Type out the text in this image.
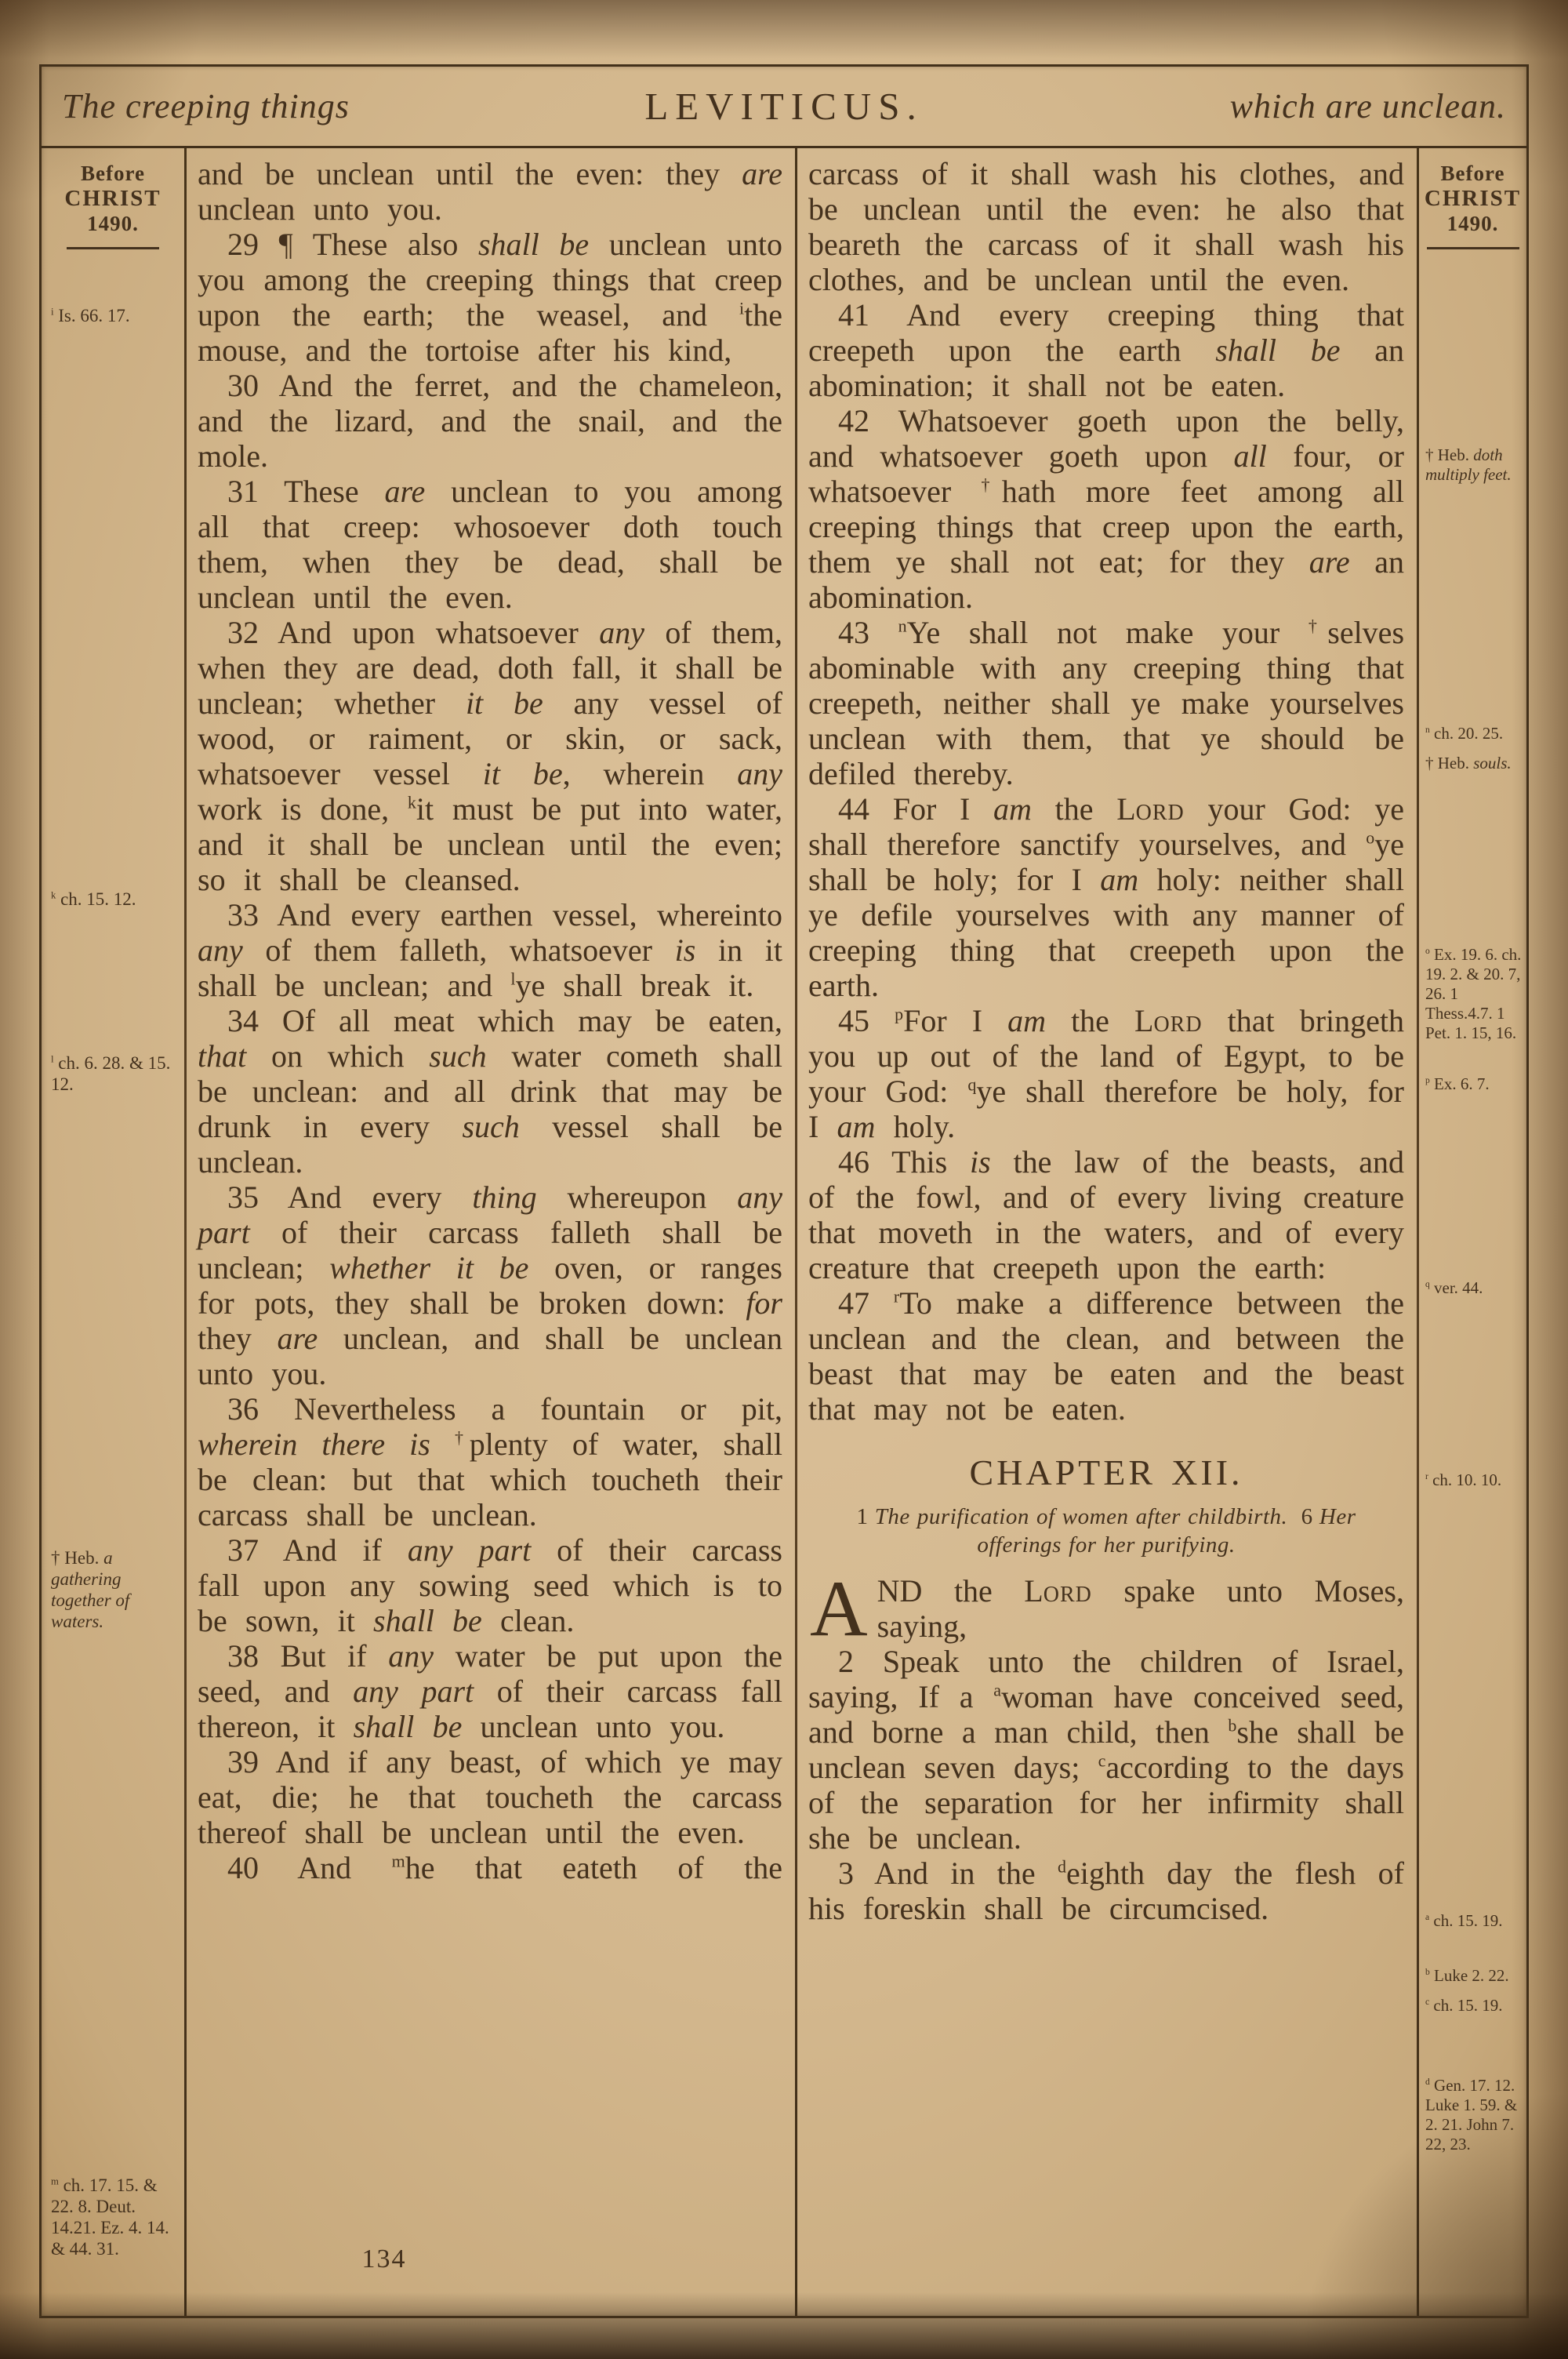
The creeping things	LEVITICUS.	which are unclean.
Before
CHRIST
1490.
$^i$ Is. 66. 17.
$^k$ ch. 15. 12.
$^l$ ch. 6. 28. & 15. 12.
† Heb. a gathering together of waters.
$^m$ ch. 17. 15. & 22. 8. Deut. 14.21. Ez. 4. 14. & 44. 31.

and be unclean until the even: they are unclean unto you.

29 ¶ These also shall be unclean unto you among the creeping things that creep upon the earth; the weasel, and $^i$the mouse, and the tortoise after his kind,

30 And the ferret, and the chameleon, and the lizard, and the snail, and the mole.

31 These are unclean to you among all that creep: whosoever doth touch them, when they be dead, shall be unclean until the even.

32 And upon whatsoever any of them, when they are dead, doth fall, it shall be unclean; whether it be any vessel of wood, or raiment, or skin, or sack, whatsoever vessel it be, wherein any work is done, $^k$it must be put into water, and it shall be unclean until the even; so it shall be cleansed.

33 And every earthen vessel, whereinto any of them falleth, whatsoever is in it shall be unclean; and $^l$ye shall break it.

34 Of all meat which may be eaten, that on which such water cometh shall be unclean: and all drink that may be drunk in every such vessel shall be unclean.

35 And every thing whereupon any part of their carcass falleth shall be unclean; whether it be oven, or ranges for pots, they shall be broken down: for they are unclean, and shall be unclean unto you.

36 Nevertheless a fountain or pit, wherein there is †plenty of water, shall be clean: but that which toucheth their carcass shall be unclean.

37 And if any part of their carcass fall upon any sowing seed which is to be sown, it shall be clean.

38 But if any water be put upon the seed, and any part of their carcass fall thereon, it shall be unclean unto you.

39 And if any beast, of which ye may eat, die; he that toucheth the carcass thereof shall be unclean until the even.

40 And $^m$he that eateth of the

carcass of it shall wash his clothes, and be unclean until the even: he also that beareth the carcass of it shall wash his clothes, and be unclean until the even.

41 And every creeping thing that creepeth upon the earth shall be an abomination; it shall not be eaten.

42 Whatsoever goeth upon the belly, and whatsoever goeth upon all four, or whatsoever †hath more feet among all creeping things that creep upon the earth, them ye shall not eat; for they are an abomination.

43 $^n$Ye shall not make your †selves abominable with any creeping thing that creepeth, neither shall ye make yourselves unclean with them, that ye should be defiled thereby.

44 For I am the Lord your God: ye shall therefore sanctify yourselves, and $^o$ye shall be holy; for I am holy: neither shall ye defile yourselves with any manner of creeping thing that creepeth upon the earth.

45 $^p$For I am the Lord that bringeth you up out of the land of Egypt, to be your God: $^q$ye shall therefore be holy, for I am holy.

46 This is the law of the beasts, and of the fowl, and of every living creature that moveth in the waters, and of every creature that creepeth upon the earth:

47 $^r$To make a difference between the unclean and the clean, and between the beast that may be eaten and the beast that may not be eaten.

CHAPTER XII.
1 The purification of women after childbirth.  6 Her offerings for her purifying.

AND the Lord spake unto Moses, saying,

2 Speak unto the children of Israel, saying, If a $^a$woman have conceived seed, and borne a man child, then $^b$she shall be unclean seven days; $^c$according to the days of the separation for her infirmity shall she be unclean.

3 And in the $^d$eighth day the flesh of his foreskin shall be circumcised.

Before
CHRIST
1490.
† Heb. doth multiply feet.
$^n$ ch. 20. 25.
† Heb. souls.
$^o$ Ex. 19. 6. ch. 19. 2. & 20. 7, 26. 1 Thess.4.7. 1 Pet. 1. 15, 16.
$^p$ Ex. 6. 7.
$^q$ ver. 44.
$^r$ ch. 10. 10.
$^a$ ch. 15. 19.
$^b$ Luke 2. 22.
$^c$ ch. 15. 19.
$^d$ Gen. 17. 12. Luke 1. 59. & 2. 21. John 7. 22, 23.
134
